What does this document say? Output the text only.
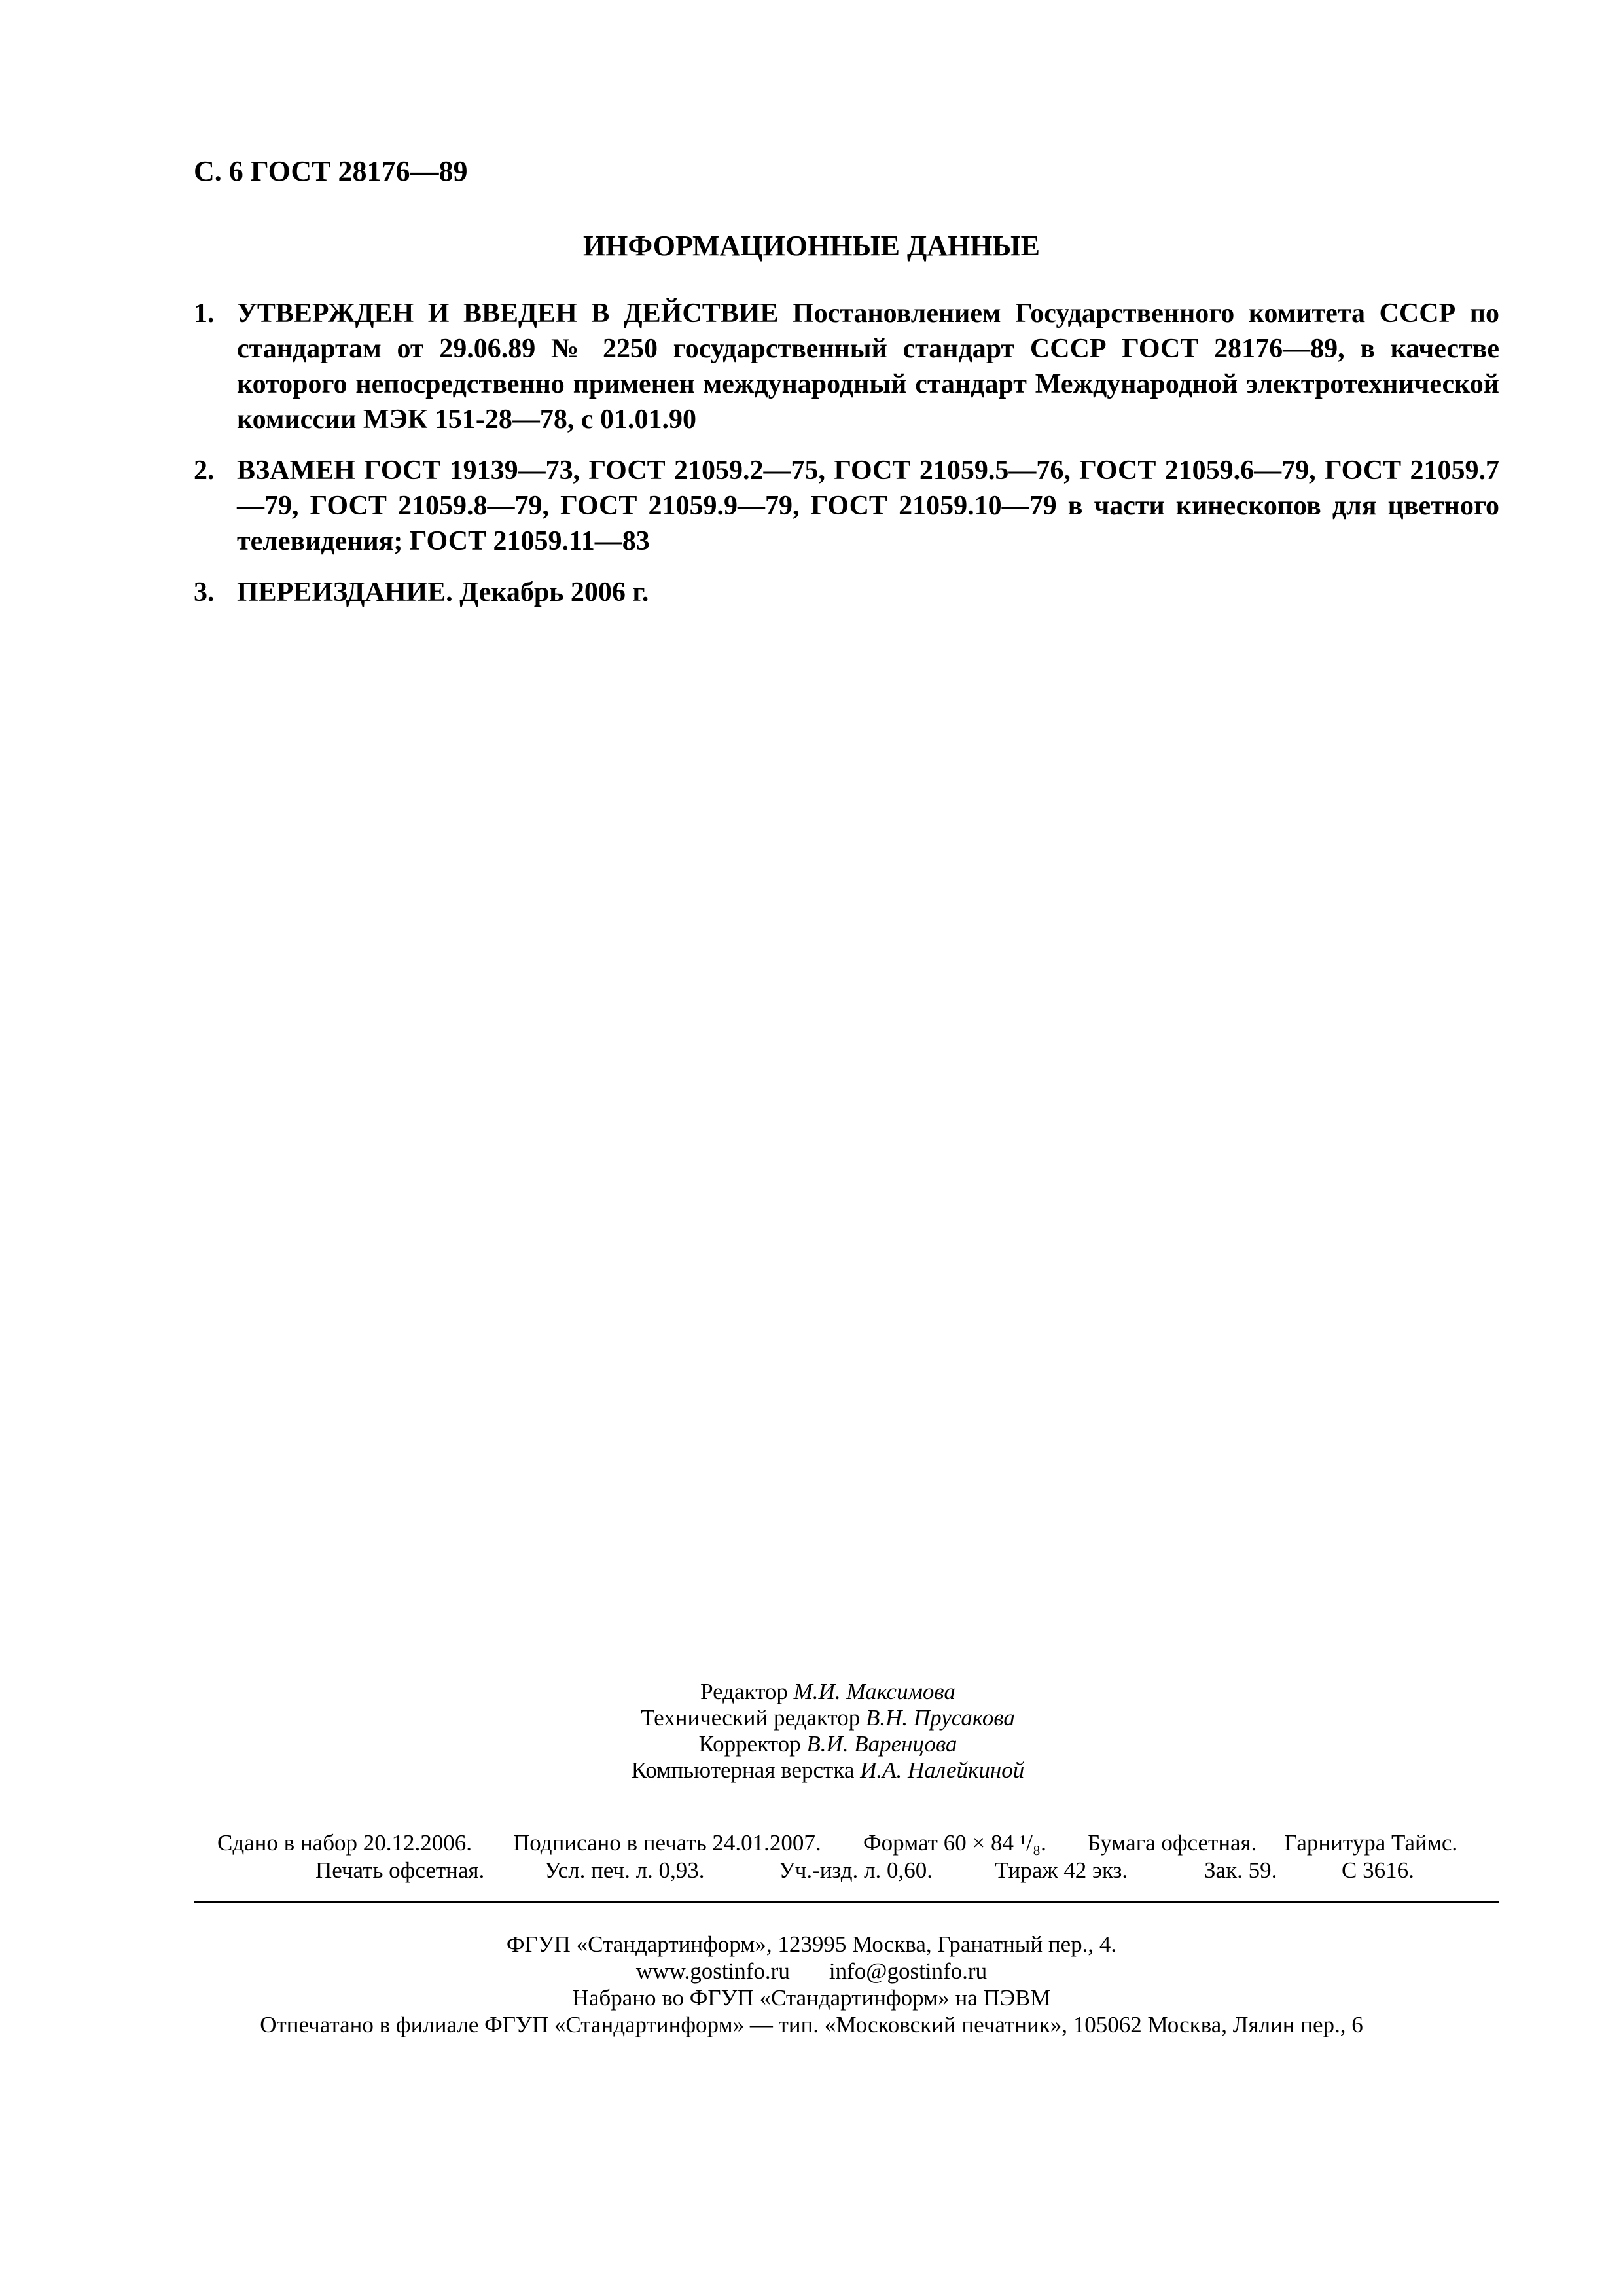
С. 6 ГОСТ 28176—89
ИНФОРМАЦИОННЫЕ ДАННЫЕ
1. УТВЕРЖДЕН И ВВЕДЕН В ДЕЙСТВИЕ Постановлением Государственного комитета СССР по стандартам от 29.06.89 № 2250 государственный стандарт СССР ГОСТ 28176—89, в качестве которого непосредственно применен международный стандарт Международной электротехнической комиссии МЭК 151-28—78, с 01.01.90
2. ВЗАМЕН ГОСТ 19139—73, ГОСТ 21059.2—75, ГОСТ 21059.5—76, ГОСТ 21059.6—79, ГОСТ 21059.7—79, ГОСТ 21059.8—79, ГОСТ 21059.9—79, ГОСТ 21059.10—79 в части кинескопов для цветного телевидения; ГОСТ 21059.11—83
3. ПЕРЕИЗДАНИЕ. Декабрь 2006 г.
Редактор М.И. Максимова
Технический редактор В.Н. Прусакова
Корректор В.И. Варенцова
Компьютерная верстка И.А. Налейкиной
Сдано в набор 20.12.2006. Подписано в печать 24.01.2007. Формат 60 × 84 ¹/₈. Бумага офсетная. Гарнитура Таймс.
Печать офсетная.	Усл. печ. л. 0,93.	Уч.-изд. л. 0,60.	Тираж 42 экз.	Зак. 59.	С 3616.
ФГУП «Стандартинформ», 123995 Москва, Гранатный пер., 4.
www.gostinfo.ru info@gostinfo.ru
Набрано во ФГУП «Стандартинформ» на ПЭВМ
Отпечатано в филиале ФГУП «Стандартинформ» — тип. «Московский печатник», 105062 Москва, Лялин пер., 6
